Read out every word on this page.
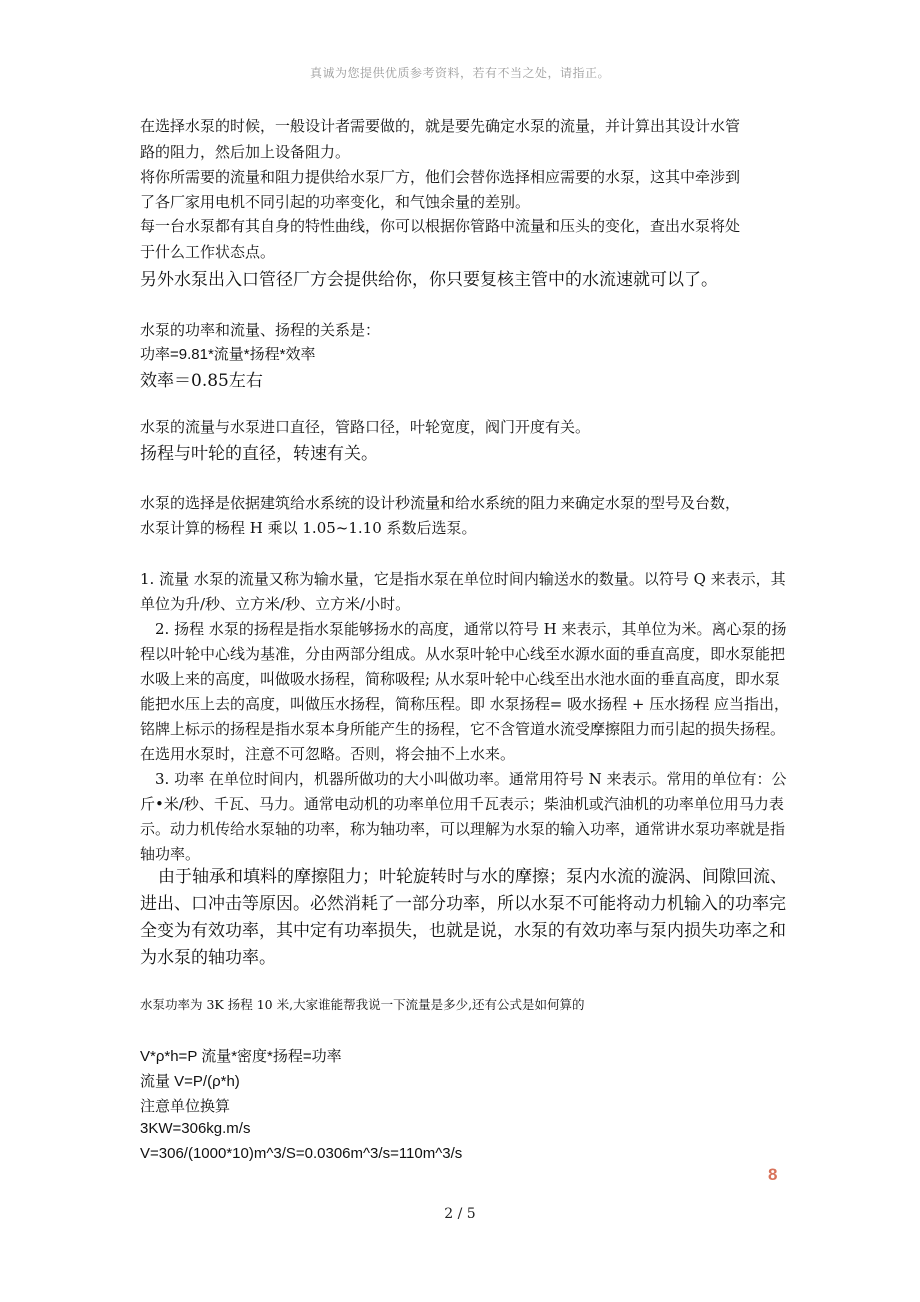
真诚为您提供优质参考资料，若有不当之处，请指正。
在选择水泵的时候，一般设计者需要做的，就是要先确定水泵的流量，并计算出其设计水管
路的阻力，然后加上设备阻力。
将你所需要的流量和阻力提供给水泵厂方，他们会替你选择相应需要的水泵，这其中牵涉到
了各厂家用电机不同引起的功率变化，和气蚀余量的差别。
每一台水泵都有其自身的特性曲线，你可以根据你管路中流量和压头的变化，查出水泵将处
于什么工作状态点。
另外水泵出入口管径厂方会提供给你，你只要复核主管中的水流速就可以了。
水泵的功率和流量、扬程的关系是：
功率=9.81*流量*扬程*效率
效率＝0.85左右
水泵的流量与水泵进口直径，管路口径，叶轮宽度，阀门开度有关。
扬程与叶轮的直径，转速有关。
水泵的选择是依据建筑给水系统的设计秒流量和给水系统的阻力来确定水泵的型号及台数，
水泵计算的杨程 H 乘以 1.05~1.10 系数后选泵。

1. 流量 水泵的流量又称为输水量，它是指水泵在单位时间内输送水的数量。以符号 Q 来表示，其单位为升/秒、立方米/秒、立方米/小时。

2. 扬程 水泵的扬程是指水泵能够扬水的高度，通常以符号 H 来表示，其单位为米。离心泵的扬程以叶轮中心线为基准，分由两部分组成。从水泵叶轮中心线至水源水面的垂直高度，即水泵能把水吸上来的高度，叫做吸水扬程，简称吸程; 从水泵叶轮中心线至出水池水面的垂直高度，即水泵能把水压上去的高度，叫做压水扬程，简称压程。即 水泵扬程= 吸水扬程 + 压水扬程 应当指出，铭牌上标示的扬程是指水泵本身所能产生的扬程，它不含管道水流受摩擦阻力而引起的损失扬程。在选用水泵时，注意不可忽略。否则，将会抽不上水来。

3. 功率 在单位时间内，机器所做功的大小叫做功率。通常用符号 N 来表示。常用的单位有：公斤•米/秒、千瓦、马力。通常电动机的功率单位用千瓦表示；柴油机或汽油机的功率单位用马力表示。动力机传给水泵轴的功率，称为轴功率，可以理解为水泵的输入功率，通常讲水泵功率就是指轴功率。

由于轴承和填料的摩擦阻力；叶轮旋转时与水的摩擦；泵内水流的漩涡、间隙回流、进出、口冲击等原因。必然消耗了一部分功率，所以水泵不可能将动力机输入的功率完全变为有效功率，其中定有功率损失，也就是说，水泵的有效功率与泵内损失功率之和为水泵的轴功率。
水泵功率为 3K 扬程 10 米,大家谁能帮我说一下流量是多少,还有公式是如何算的
V*ρ*h=P 流量*密度*扬程=功率
流量 V=P/(ρ*h)
注意单位换算
3KW=306kg.m/s
V=306/(1000*10)m^3/S=0.0306m^3/s=110m^3/s
8
2 / 5
